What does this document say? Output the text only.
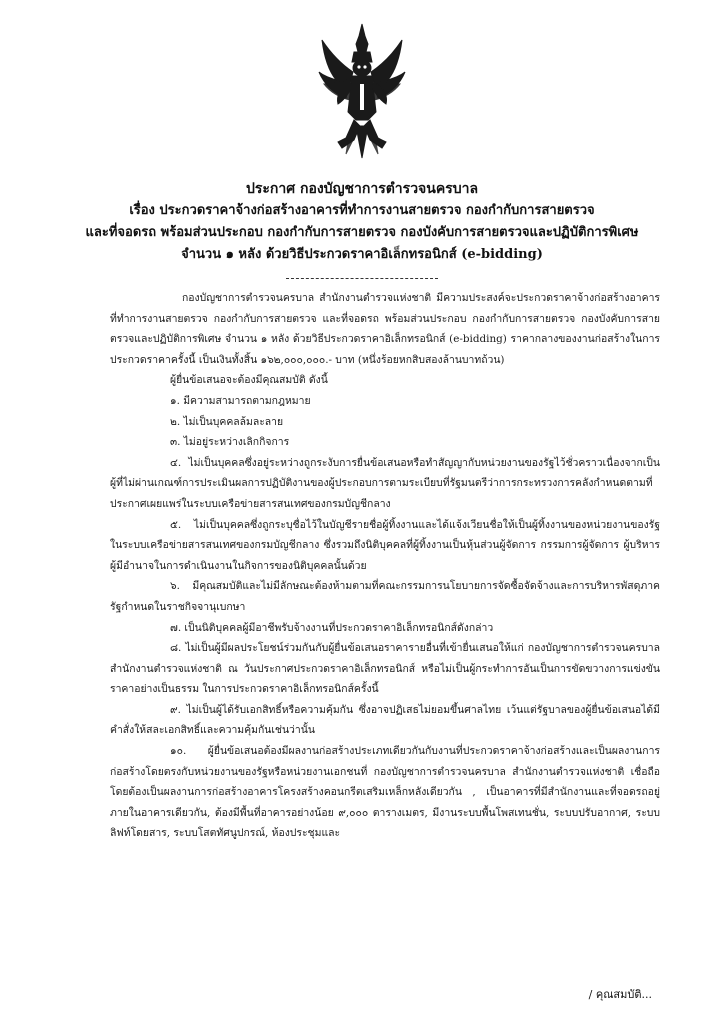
ประกาศ กองบัญชาการตำรวจนครบาล
เรื่อง ประกวดราคาจ้างก่อสร้างอาคารที่ทำการงานสายตรวจ กองกำกับการสายตรวจ
และที่จอดรถ พร้อมส่วนประกอบ กองกำกับการสายตรวจ กองบังคับการสายตรวจและปฏิบัติการพิเศษ
จำนวน ๑ หลัง ด้วยวิธีประกวดราคาอิเล็กทรอนิกส์ (e-bidding)

กองบัญชาการตำรวจนครบาล สำนักงานตำรวจแห่งชาติ มีความประสงค์จะประกวดราคาจ้างก่อสร้างอาคารที่ทำการงานสายตรวจ กองกำกับการสายตรวจ และที่จอดรถ พร้อมส่วนประกอบ กองกำกับการสายตรวจ กองบังคับการสายตรวจและปฏิบัติการพิเศษ จำนวน ๑ หลัง ด้วยวิธีประกวดราคาอิเล็กทรอนิกส์ (e-bidding) ราคากลางของงานก่อสร้างในการประกวดราคาครั้งนี้ เป็นเงินทั้งสิ้น ๑๖๒,๐๐๐,๐๐๐.- บาท (หนึ่งร้อยหกสิบสองล้านบาทถ้วน)

ผู้ยื่นข้อเสนอจะต้องมีคุณสมบัติ ดังนี้

๑. มีความสามารถตามกฎหมาย

๒. ไม่เป็นบุคคลล้มละลาย

๓. ไม่อยู่ระหว่างเลิกกิจการ

๔. ไม่เป็นบุคคลซึ่งอยู่ระหว่างถูกระงับการยื่นข้อเสนอหรือทำสัญญากับหน่วยงานของรัฐไว้ชั่วคราวเนื่องจากเป็นผู้ที่ไม่ผ่านเกณฑ์การประเมินผลการปฏิบัติงานของผู้ประกอบการตามระเบียบที่รัฐมนตรีว่าการกระทรวงการคลังกำหนดตามที่ประกาศเผยแพร่ในระบบเครือข่ายสารสนเทศของกรมบัญชีกลาง

๕. ไม่เป็นบุคคลซึ่งถูกระบุชื่อไว้ในบัญชีรายชื่อผู้ทิ้งงานและได้แจ้งเวียนชื่อให้เป็นผู้ทิ้งงานของหน่วยงานของรัฐในระบบเครือข่ายสารสนเทศของกรมบัญชีกลาง ซึ่งรวมถึงนิติบุคคลที่ผู้ทิ้งงานเป็นหุ้นส่วนผู้จัดการ กรรมการผู้จัดการ ผู้บริหาร ผู้มีอำนาจในการดำเนินงานในกิจการของนิติบุคคลนั้นด้วย

๖. มีคุณสมบัติและไม่มีลักษณะต้องห้ามตามที่คณะกรรมการนโยบายการจัดซื้อจัดจ้างและการบริหารพัสดุภาครัฐกำหนดในราชกิจจานุเบกษา

๗. เป็นนิติบุคคลผู้มีอาชีพรับจ้างงานที่ประกวดราคาอิเล็กทรอนิกส์ดังกล่าว

๘. ไม่เป็นผู้มีผลประโยชน์ร่วมกันกับผู้ยื่นข้อเสนอราคารายอื่นที่เข้ายื่นเสนอให้แก่ กองบัญชาการตำรวจนครบาล สำนักงานตำรวจแห่งชาติ ณ วันประกาศประกวดราคาอิเล็กทรอนิกส์ หรือไม่เป็นผู้กระทำการอันเป็นการขัดขวางการแข่งขันราคาอย่างเป็นธรรม ในการประกวดราคาอิเล็กทรอนิกส์ครั้งนี้

๙. ไม่เป็นผู้ได้รับเอกสิทธิ์หรือความคุ้มกัน ซึ่งอาจปฏิเสธไม่ยอมขึ้นศาลไทย เว้นแต่รัฐบาลของผู้ยื่นข้อเสนอได้มีคำสั่งให้สละเอกสิทธิ์และความคุ้มกันเช่นว่านั้น

๑๐. ผู้ยื่นข้อเสนอต้องมีผลงานก่อสร้างประเภทเดียวกันกับงานที่ประกวดราคาจ้างก่อสร้างและเป็นผลงานการก่อสร้างโดยตรงกับหน่วยงานของรัฐหรือหน่วยงานเอกชนที่ กองบัญชาการตำรวจนครบาล สำนักงานตำรวจแห่งชาติ เชื่อถือ โดยต้องเป็นผลงานการก่อสร้างอาคารโครงสร้างคอนกรีตเสริมเหล็กหลังเดียวกัน , เป็นอาคารที่มีสำนักงานและที่จอดรถอยู่ภายในอาคารเดียวกัน, ต้องมีพื้นที่อาคารอย่างน้อย ๙,๐๐๐ ตารางเมตร, มีงานระบบพื้นโพสเทนชั่น, ระบบปรับอากาศ, ระบบลิฟท์โดยสาร, ระบบโสตทัศนูปกรณ์, ห้องประชุมและ

/ คุณสมบัติ...
